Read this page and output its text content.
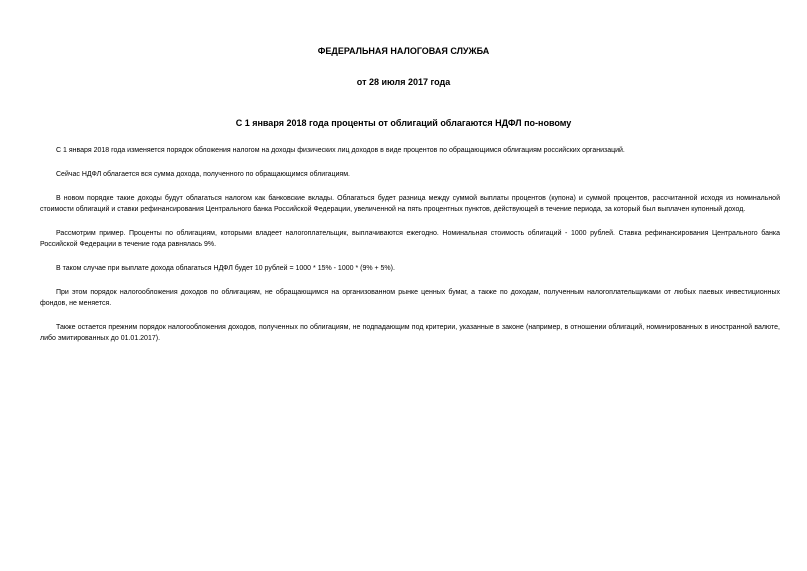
ФЕДЕРАЛЬНАЯ НАЛОГОВАЯ СЛУЖБА
от 28 июля 2017 года
С 1 января 2018 года проценты от облигаций облагаются НДФЛ по-новому

С 1 января 2018 года изменяется порядок обложения налогом на доходы физических лиц доходов в виде процентов по обращающимся облигациям российских организаций.

Сейчас НДФЛ облагается вся сумма дохода, полученного по обращающимся облигациям.

В новом порядке такие доходы будут облагаться налогом как банковские вклады. Облагаться будет разница между суммой выплаты процентов (купона) и суммой процентов, рассчитанной исходя из номинальной стоимости облигаций и ставки рефинансирования Центрального банка Российской Федерации, увеличенной на пять процентных пунктов, действующей в течение периода, за который был выплачен купонный доход.

Рассмотрим пример. Проценты по облигациям, которыми владеет налогоплательщик, выплачиваются ежегодно. Номинальная стоимость облигаций - 1000 рублей. Ставка рефинансирования Центрального банка Российской Федерации в течение года равнялась 9%.

В таком случае при выплате дохода облагаться НДФЛ будет 10 рублей = 1000 * 15% - 1000 * (9% + 5%).

При этом порядок налогообложения доходов по облигациям, не обращающимся на организованном рынке ценных бумаг, а также по доходам, полученным налогоплательщиками от любых паевых инвестиционных фондов, не меняется.

Также остается прежним порядок налогообложения доходов, полученных по облигациям, не подпадающим под критерии, указанные в законе (например, в отношении облигаций, номинированных в иностранной валюте, либо эмитированных до 01.01.2017).
